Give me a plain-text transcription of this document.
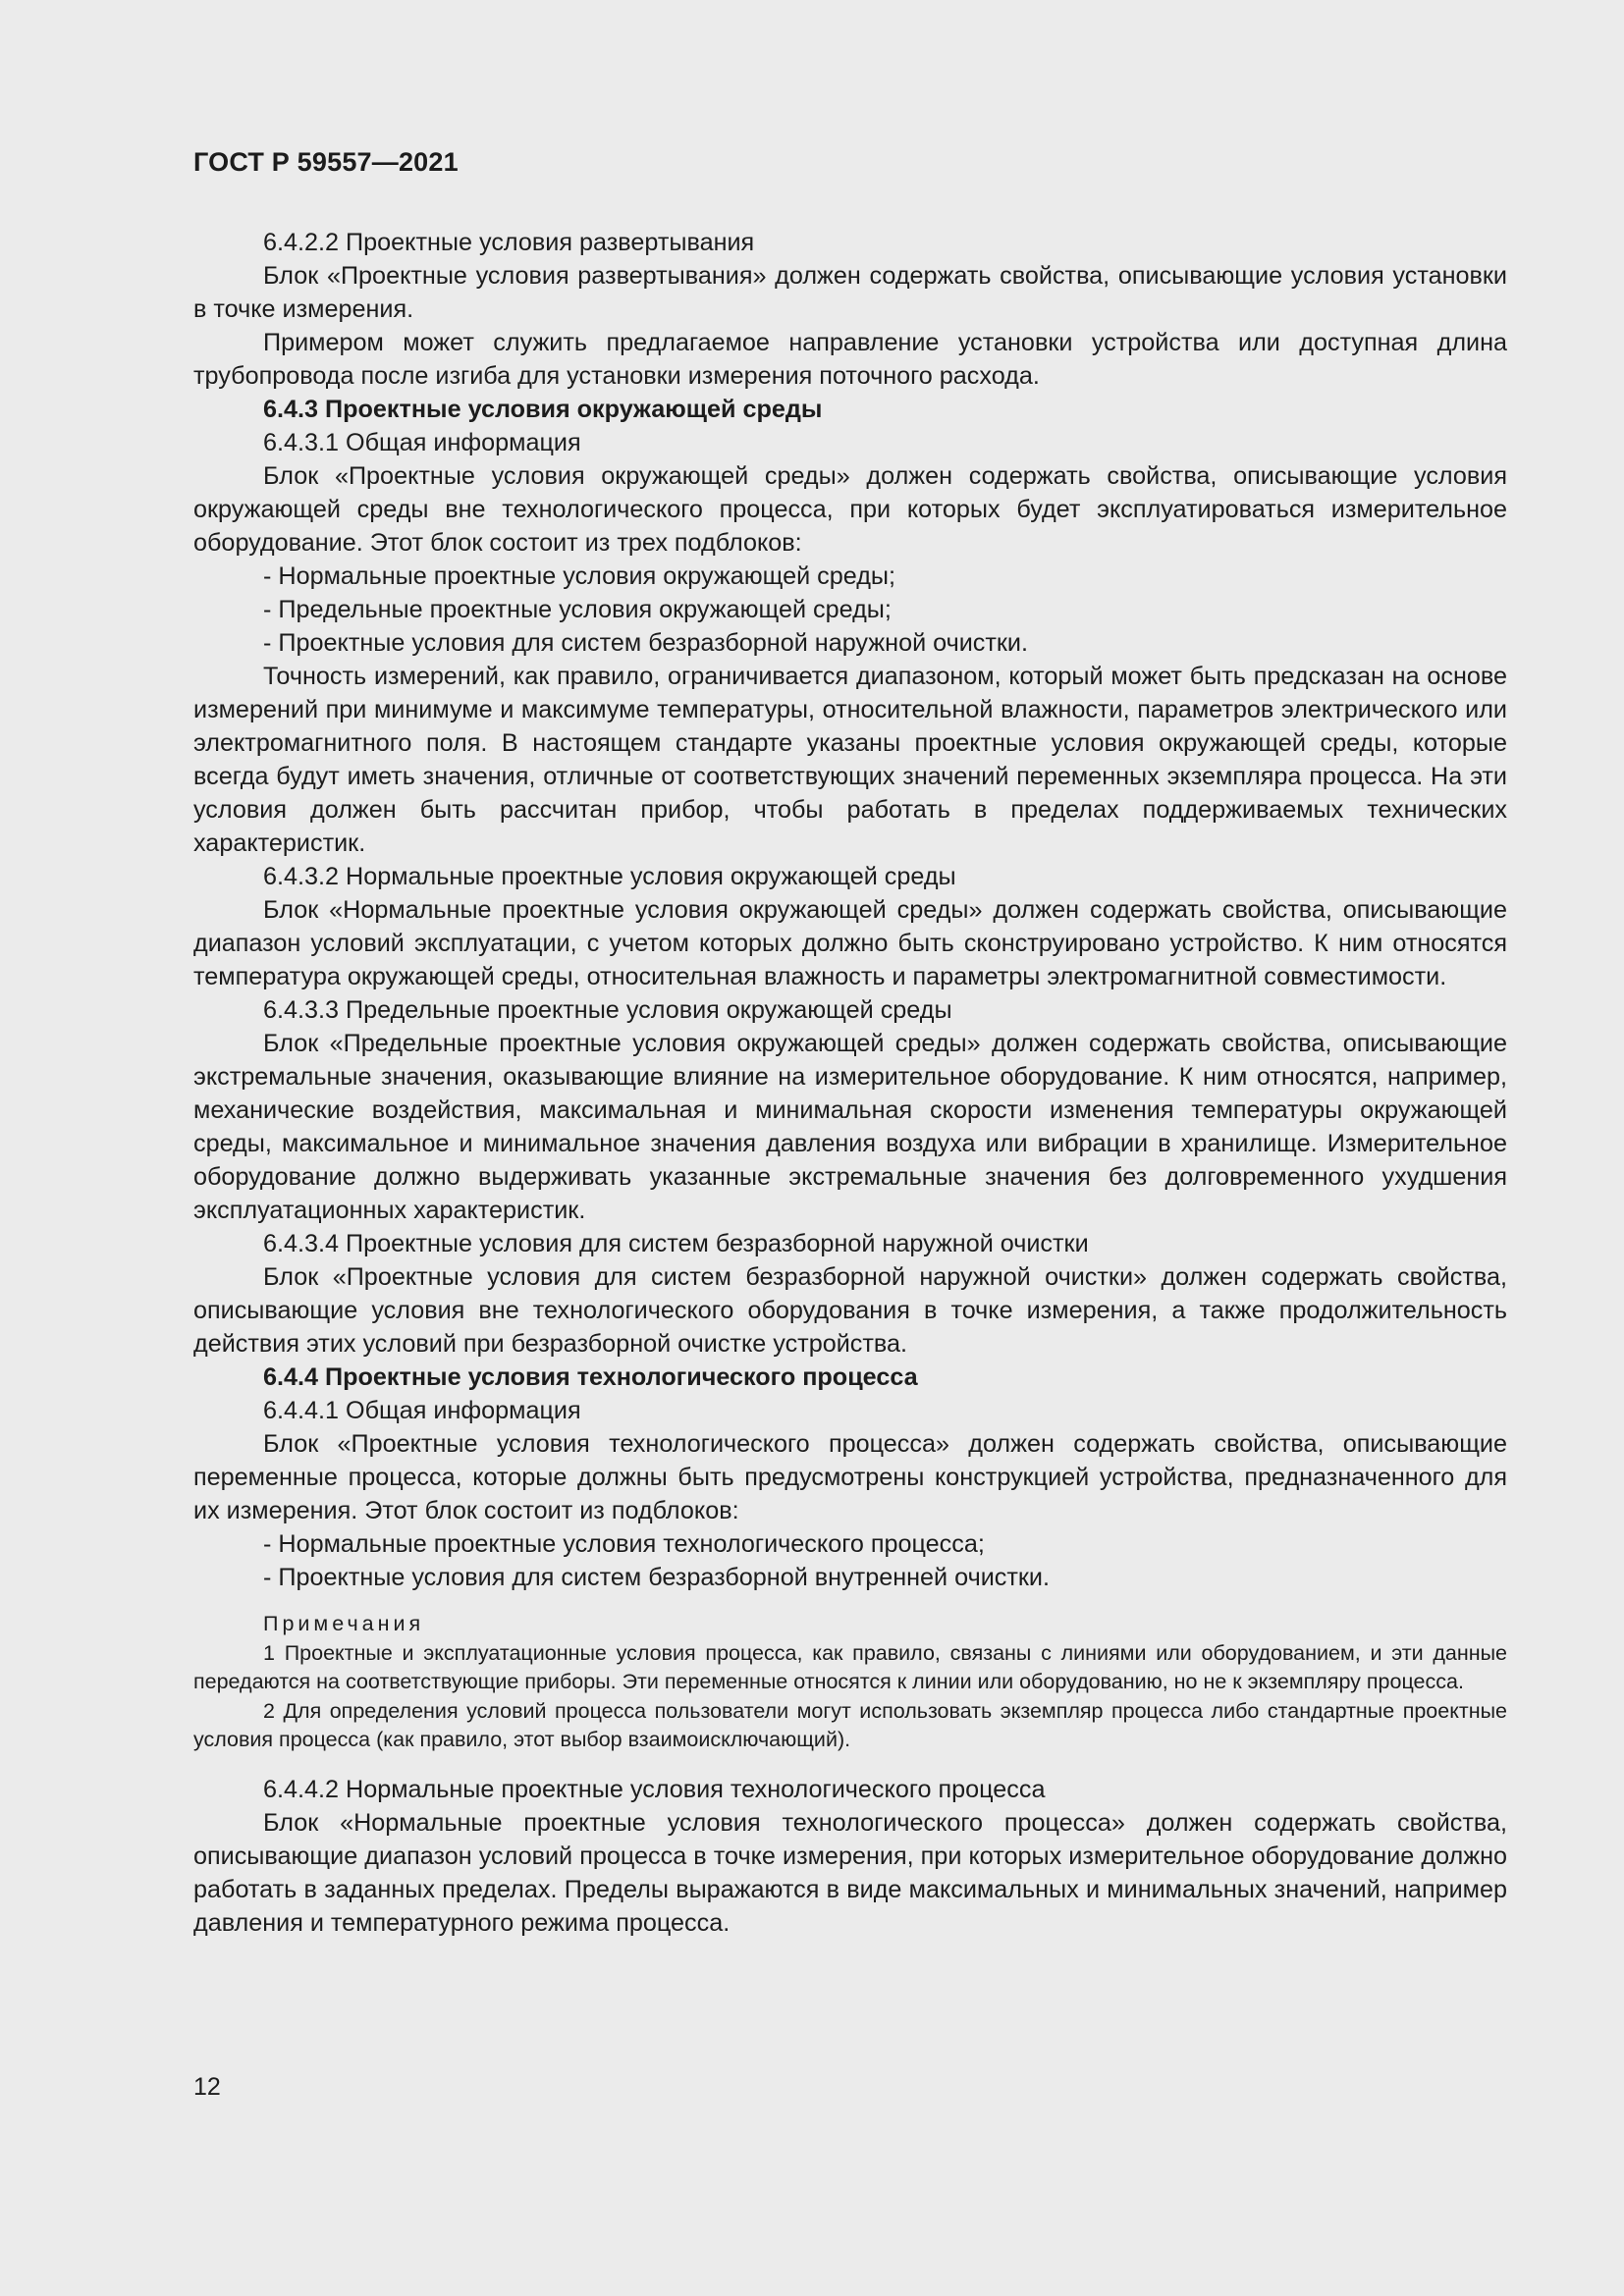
ГОСТ Р 59557—2021

6.4.2.2 Проектные условия развертывания

Блок «Проектные условия развертывания» должен содержать свойства, описывающие условия установки в точке измерения.

Примером может служить предлагаемое направление установки устройства или доступная длина трубопровода после изгиба для установки измерения поточного расхода.

6.4.3 Проектные условия окружающей среды

6.4.3.1 Общая информация

Блок «Проектные условия окружающей среды» должен содержать свойства, описывающие условия окружающей среды вне технологического процесса, при которых будет эксплуатироваться измерительное оборудование. Этот блок состоит из трех подблоков:

- Нормальные проектные условия окружающей среды;

- Предельные проектные условия окружающей среды;

- Проектные условия для систем безразборной наружной очистки.

Точность измерений, как правило, ограничивается диапазоном, который может быть предсказан на основе измерений при минимуме и максимуме температуры, относительной влажности, параметров электрического или электромагнитного поля. В настоящем стандарте указаны проектные условия окружающей среды, которые всегда будут иметь значения, отличные от соответствующих значений переменных экземпляра процесса. На эти условия должен быть рассчитан прибор, чтобы работать в пределах поддерживаемых технических характеристик.

6.4.3.2 Нормальные проектные условия окружающей среды

Блок «Нормальные проектные условия окружающей среды» должен содержать свойства, описывающие диапазон условий эксплуатации, с учетом которых должно быть сконструировано устройство. К ним относятся температура окружающей среды, относительная влажность и параметры электромагнитной совместимости.

6.4.3.3 Предельные проектные условия окружающей среды

Блок «Предельные проектные условия окружающей среды» должен содержать свойства, описывающие экстремальные значения, оказывающие влияние на измерительное оборудование. К ним относятся, например, механические воздействия, максимальная и минимальная скорости изменения температуры окружающей среды, максимальное и минимальное значения давления воздуха или вибрации в хранилище. Измерительное оборудование должно выдерживать указанные экстремальные значения без долговременного ухудшения эксплуатационных характеристик.

6.4.3.4 Проектные условия для систем безразборной наружной очистки

Блок «Проектные условия для систем безразборной наружной очистки» должен содержать свойства, описывающие условия вне технологического оборудования в точке измерения, а также продолжительность действия этих условий при безразборной очистке устройства.

6.4.4 Проектные условия технологического процесса

6.4.4.1 Общая информация

Блок «Проектные условия технологического процесса» должен содержать свойства, описывающие переменные процесса, которые должны быть предусмотрены конструкцией устройства, предназначенного для их измерения. Этот блок состоит из подблоков:

- Нормальные проектные условия технологического процесса;

- Проектные условия для систем безразборной внутренней очистки.

Примечания

1 Проектные и эксплуатационные условия процесса, как правило, связаны с линиями или оборудованием, и эти данные передаются на соответствующие приборы. Эти переменные относятся к линии или оборудованию, но не к экземпляру процесса.

2 Для определения условий процесса пользователи могут использовать экземпляр процесса либо стандартные проектные условия процесса (как правило, этот выбор взаимоисключающий).

6.4.4.2 Нормальные проектные условия технологического процесса

Блок «Нормальные проектные условия технологического процесса» должен содержать свойства, описывающие диапазон условий процесса в точке измерения, при которых измерительное оборудование должно работать в заданных пределах. Пределы выражаются в виде максимальных и минимальных значений, например давления и температурного режима процесса.

12
